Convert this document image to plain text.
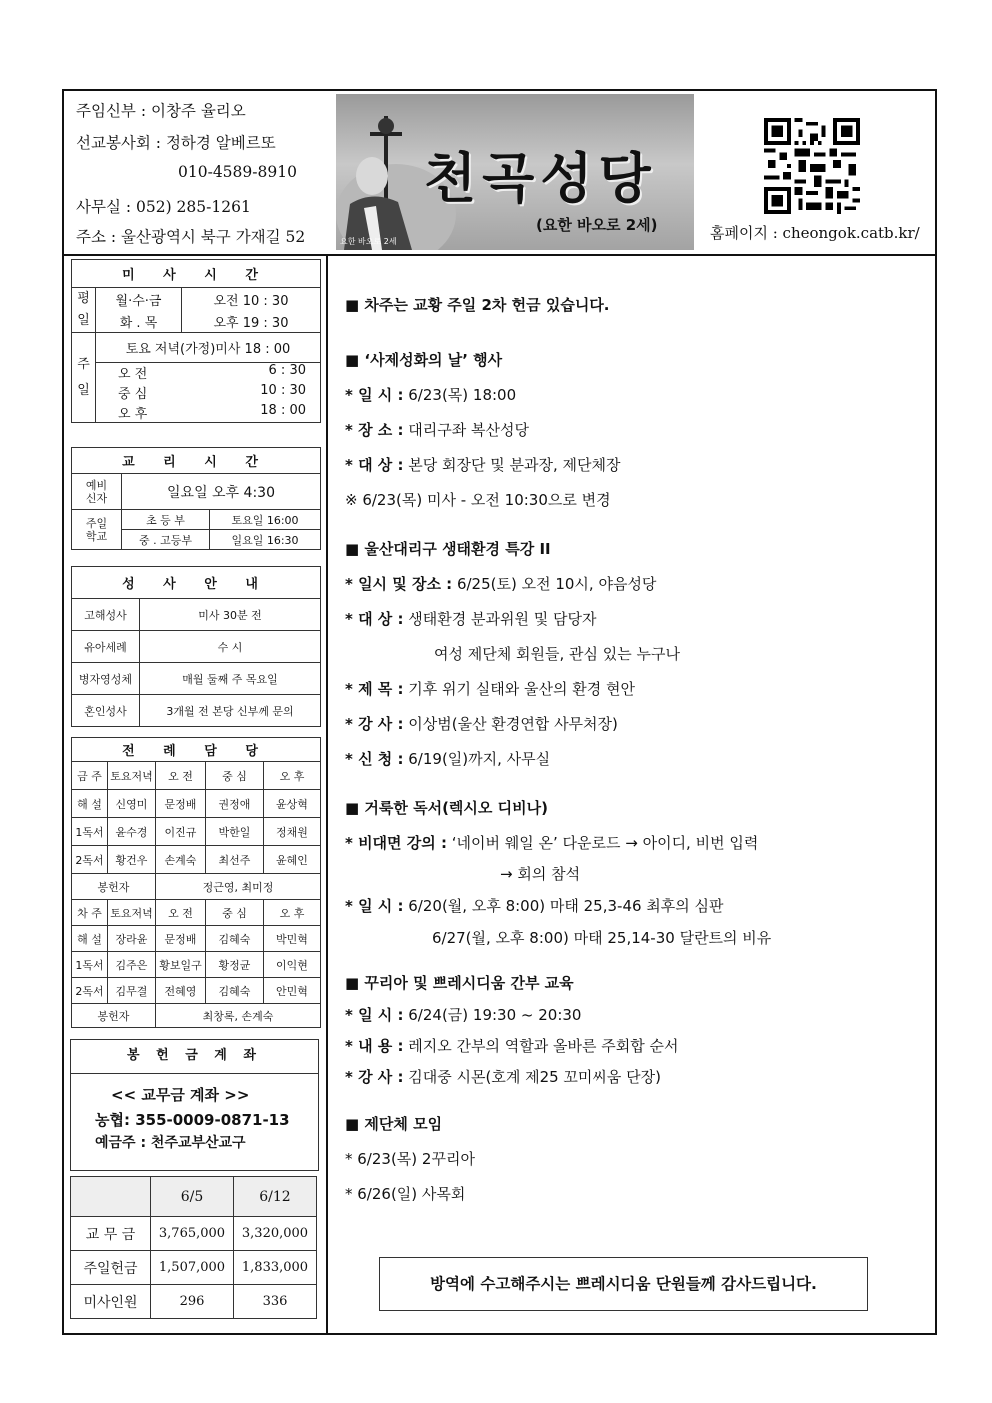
주임신부 : 이창주 율리오
선교봉사회 : 정하경 알베르또
010-4589-8910
사무실 : 052) 285-1261
주소 : 울산광역시 북구 가재길 52
천곡성당
(요한 바오로 2세)
요한 바오로 2세	홈페이지 : cheongok.catb.kr/
미 사 시 간		
평일	월·수·금	오전 10 : 30
	화 . 목	오후 19 : 30
주일	토요 저녁(가정)미사 18 : 00	
	오 전 6 : 30	

	중 심 10 : 30	

	오 후 18 : 00	
교 리 시 간		
예비신자	일요일 오후 4:30	
주일학교	초 등 부	토요일 16:00
	중 . 고등부	일요일 16:30
성 사 안 내	
고해성사	미사 30분 전
유아세례	수 시
병자영성체	매월 둘째 주 목요일
혼인성사	3개월 전 본당 신부께 문의
전 례 담 당				
금 주	토요저녁	오 전	중 심	오 후
해 설	신영미	문정배	권정애	윤상혁
1독서	윤수경	이진규	박한일	정채원
2독서	황건우	손계숙	최선주	윤혜인
봉헌자		정근영, 최미정		
차 주	토요저녁	오 전	중 심	오 후
해 설	장라윤	문정배	김혜숙	박민혁
1독서	김주은	황보일구	황정균	이익현
2독서	김무결	전혜영	김혜숙	안민혁
봉헌자		최창록, 손계숙		
봉 헌 금 계 좌
<< 교무금 계좌 >>
농협: 355-0009-0871-13
예금주 : 천주교부산교구
	6/5	6/12
교 무 금	3,765,000	3,320,000
주일헌금	1,507,000	1,833,000
미사인원	296	336
■ 차주는 교황 주일 2차 헌금 있습니다.
■ ‘사제성화의 날’ 행사
* 일 시 : 6/23(목) 18:00
* 장 소 : 대리구좌 복산성당
* 대 상 : 본당 회장단 및 분과장, 제단체장
※ 6/23(목) 미사 - 오전 10:30으로 변경
■ 울산대리구 생태환경 특강 II
* 일시 및 장소 : 6/25(토) 오전 10시, 야음성당
* 대 상 : 생태환경 분과위원 및 담당자
여성 제단체 회원들, 관심 있는 누구나
* 제 목 : 기후 위기 실태와 울산의 환경 현안
* 강 사 : 이상범(울산 환경연합 사무처장)
* 신 청 : 6/19(일)까지, 사무실
■ 거룩한 독서(렉시오 디비나)
* 비대면 강의 : ‘네이버 웨일 온’ 다운로드 → 아이디, 비번 입력
→ 회의 참석
* 일 시 : 6/20(월, 오후 8:00) 마태 25,3-46 최후의 심판
6/27(월, 오후 8:00) 마태 25,14-30 달란트의 비유
■ 꾸리아 및 쁘레시디움 간부 교육
* 일 시 : 6/24(금) 19:30 ~ 20:30
* 내 용 : 레지오 간부의 역할과 올바른 주회합 순서
* 강 사 : 김대중 시몬(호계 제25 꼬미씨움 단장)
■ 제단체 모임
* 6/23(목) 2꾸리아
* 6/26(일) 사목회
방역에 수고해주시는 쁘레시디움 단원들께 감사드립니다.
